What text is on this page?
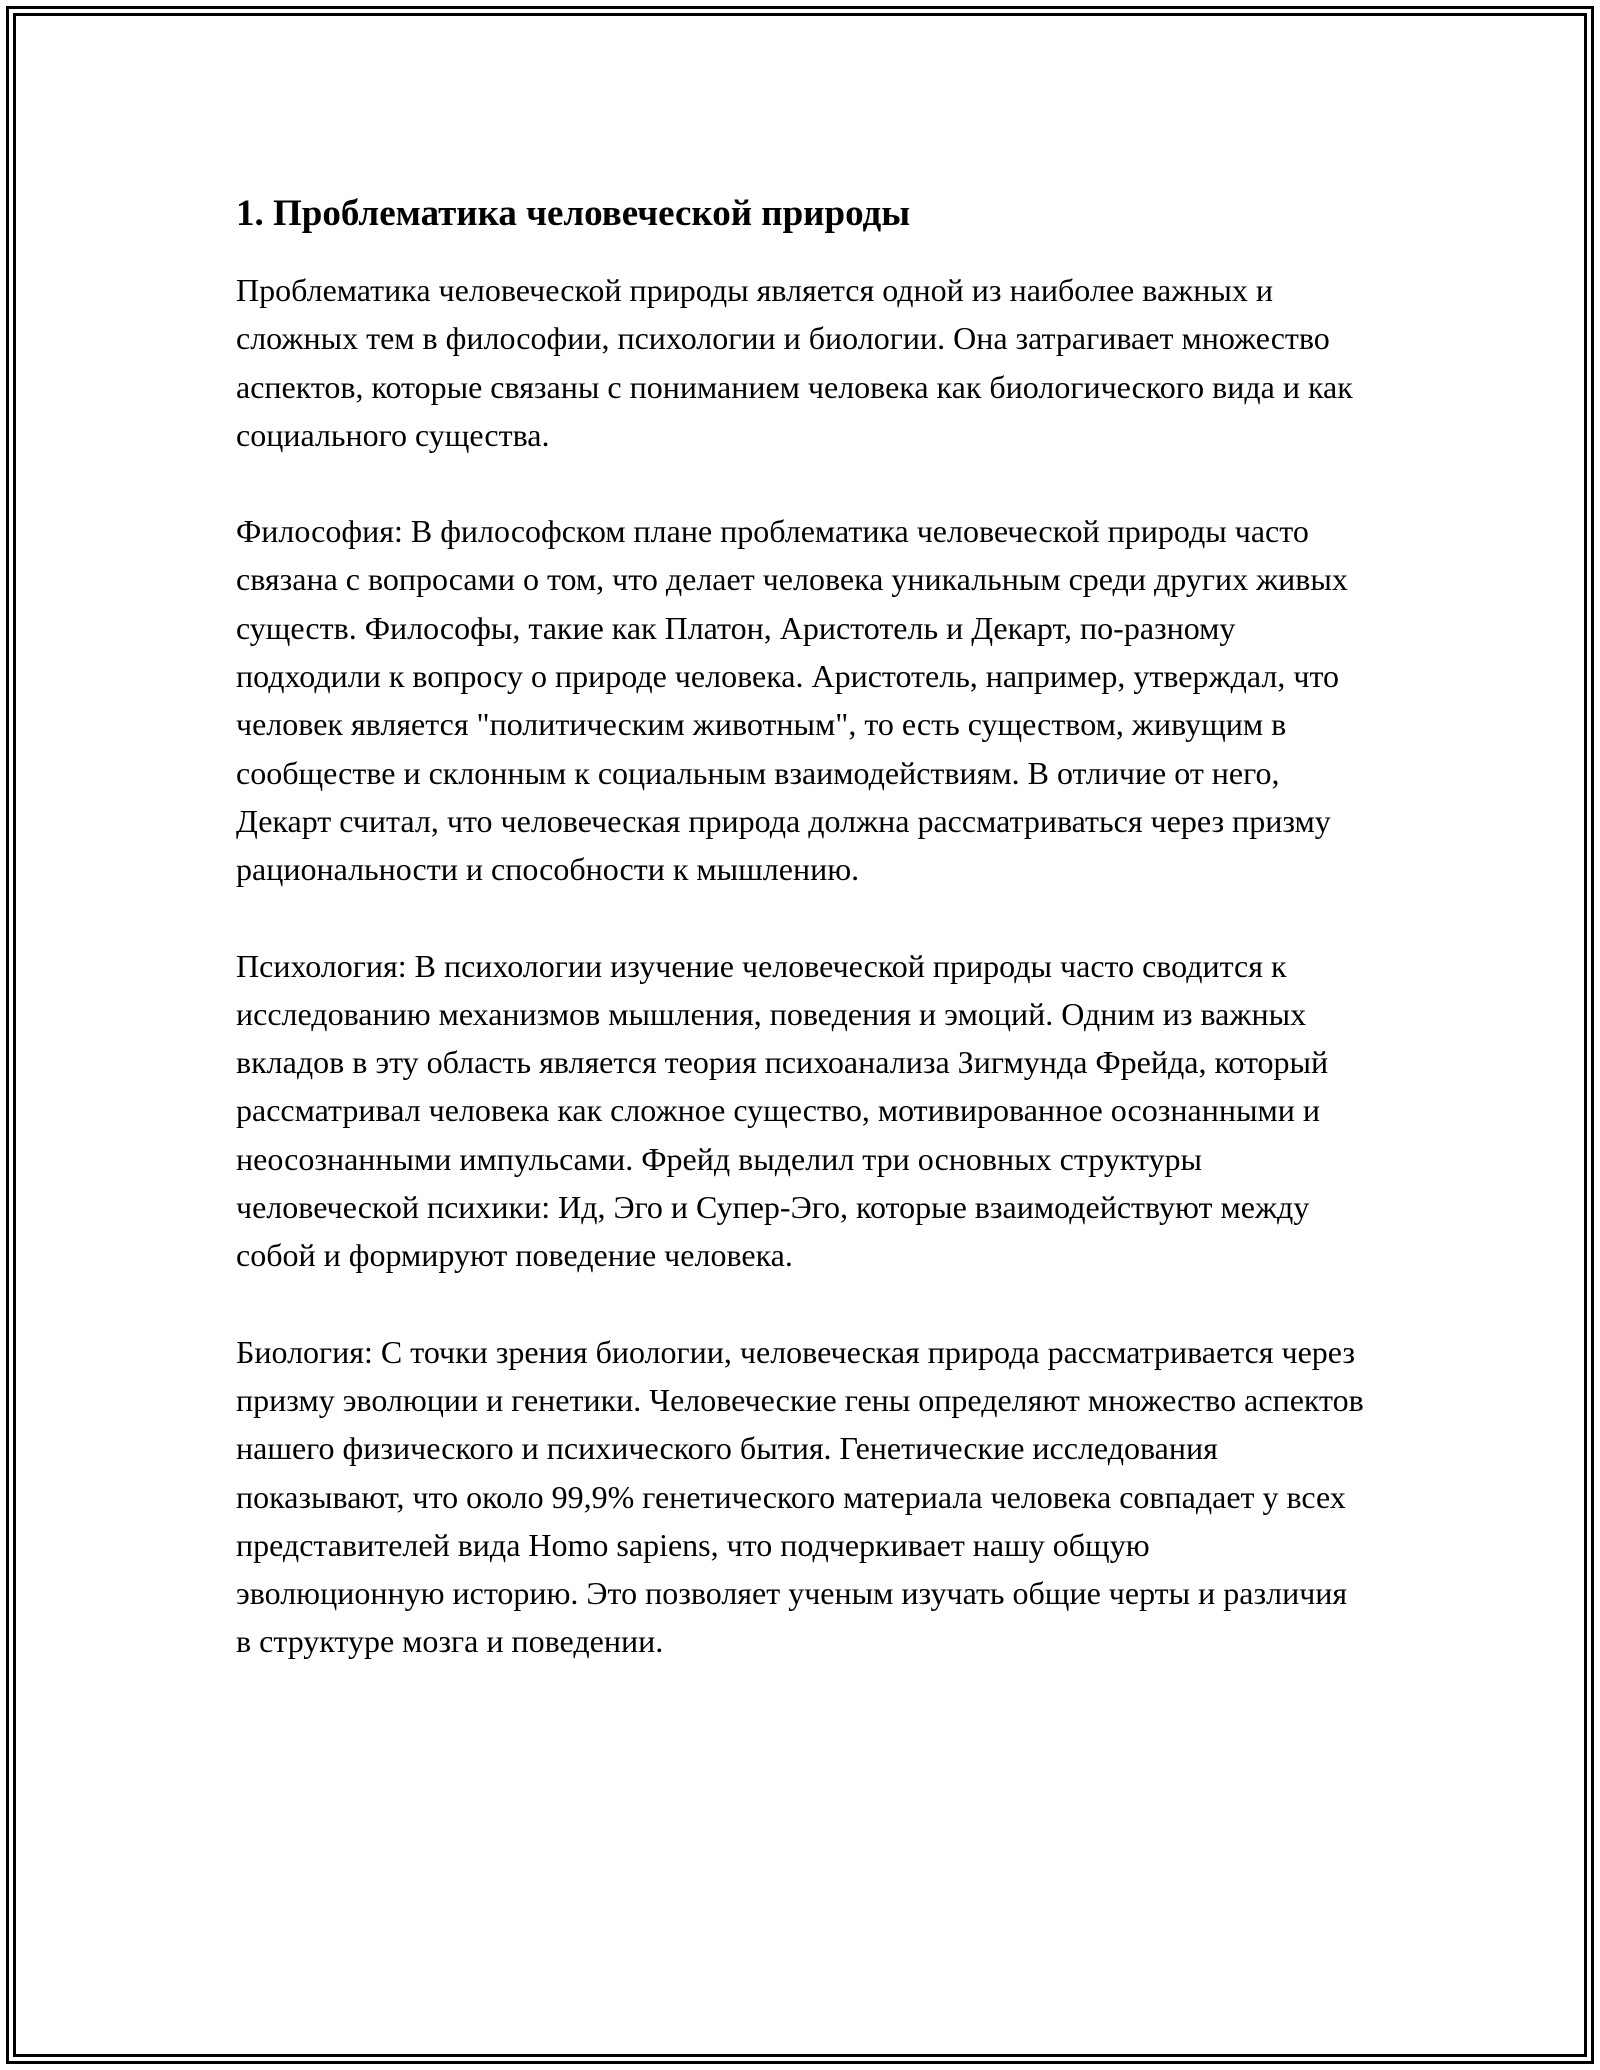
1. Проблематика человеческой природы

Проблематика человеческой природы является одной из наиболее важных и сложных тем в философии, психологии и биологии. Она затрагивает множество аспектов, которые связаны с пониманием человека как биологического вида и как социального существа.

Философия: В философском плане проблематика человеческой природы часто связана с вопросами о том, что делает человека уникальным среди других живых существ. Философы, такие как Платон, Аристотель и Декарт, по-разному подходили к вопросу о природе человека. Аристотель, например, утверждал, что человек является "политическим животным", то есть существом, живущим в сообществе и склонным к социальным взаимодействиям. В отличие от него, Декарт считал, что человеческая природа должна рассматриваться через призму рациональности и способности к мышлению.

Психология: В психологии изучение человеческой природы часто сводится к исследованию механизмов мышления, поведения и эмоций. Одним из важных вкладов в эту область является теория психоанализа Зигмунда Фрейда, который рассматривал человека как сложное существо, мотивированное осознанными и неосознанными импульсами. Фрейд выделил три основных структуры человеческой психики: Ид, Эго и Супер-Эго, которые взаимодействуют между собой и формируют поведение человека.

Биология: С точки зрения биологии, человеческая природа рассматривается через призму эволюции и генетики. Человеческие гены определяют множество аспектов нашего физического и психического бытия. Генетические исследования показывают, что около 99,9% генетического материала человека совпадает у всех представителей вида Homo sapiens, что подчеркивает нашу общую эволюционную историю. Это позволяет ученым изучать общие черты и различия в структуре мозга и поведении.
